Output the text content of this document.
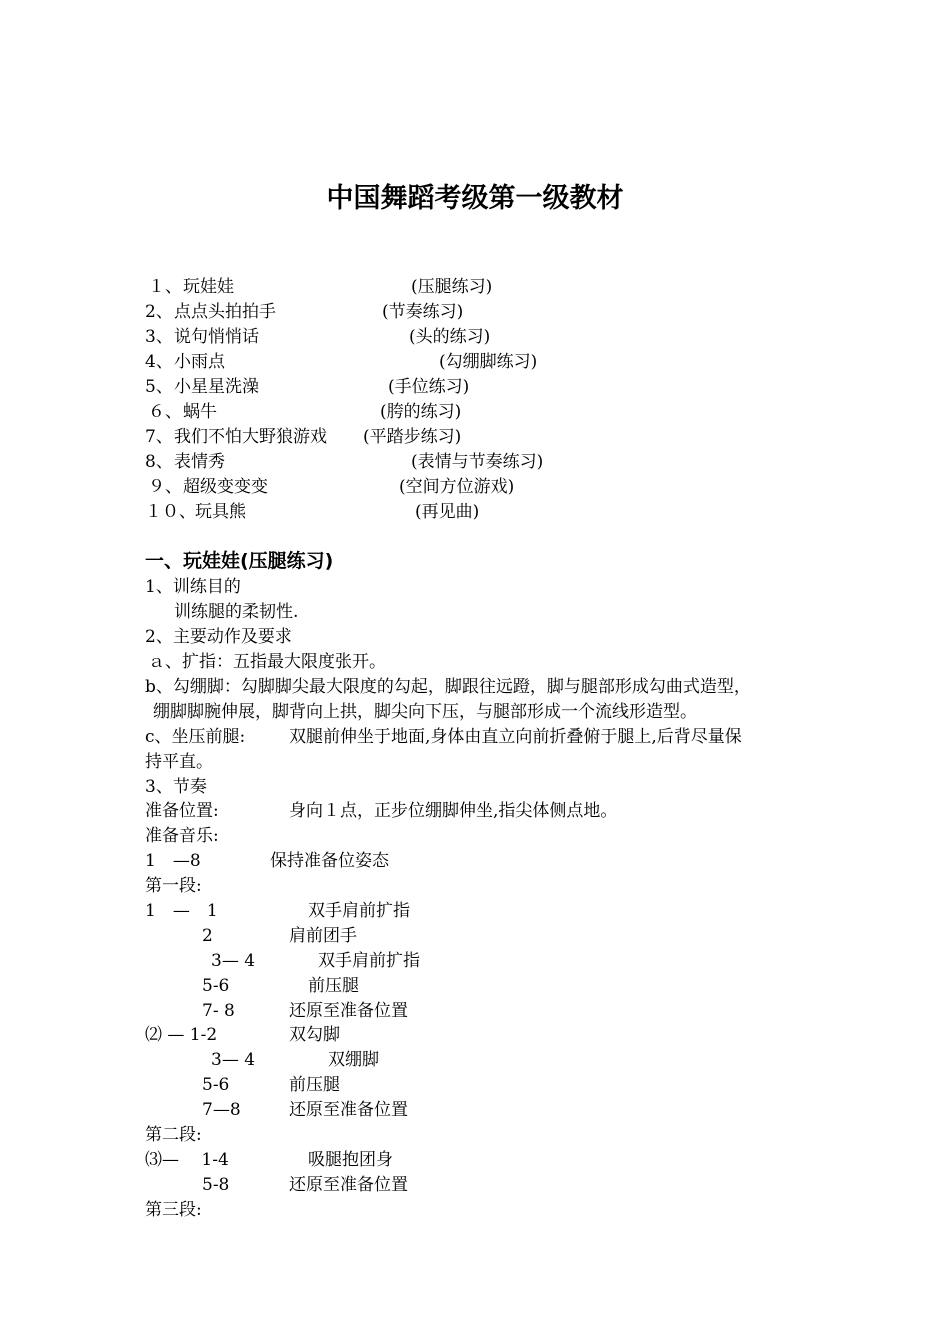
中国舞蹈考级第一级教材
１、 玩娃娃	(压腿练习)
2、 点点头拍拍手	(节奏练习)
3、 说句悄悄话	(头的练习)
4、 小雨点	(勾绷脚练习)
5、 小星星洗澡	(手位练习)
６、 蜗牛	(胯的练习)
7、 我们不怕大野狼游戏 (平踏步练习)
8、 表情秀	(表情与节奏练习)
９、 超级变变变	(空间方位游戏)
１０、 玩具熊	(再见曲)
一、玩娃娃(压腿练习)
1、训练目的
训练腿的柔韧性.
2、主要动作及要求
ａ、扩指：五指最大限度张开。
b、勾绷脚：勾脚脚尖最大限度的勾起，脚跟往远蹬，脚与腿部形成勾曲式造型，
绷脚脚腕伸展，脚背向上拱，脚尖向下压，与腿部形成一个流线形造型。
c、坐压前腿:	双腿前伸坐于地面,身体由直立向前折叠俯于腿上,后背尽量保
持平直。
3、节奏
准备位置:	身向１点，正步位绷脚伸坐,指尖体侧点地。
准备音乐:
1　—8	保持准备位姿态
第一段:
1　—　1	双手肩前扩指
2	肩前团手
3— 4	双手肩前扩指
5-6	前压腿
7- 8	还原至准备位置
⑵ — 1-2	双勾脚
3— 4	双绷脚
5-6	前压腿
7—8	还原至准备位置
第二段:
⑶—　 1-4	吸腿抱团身
5-8	还原至准备位置
第三段:
